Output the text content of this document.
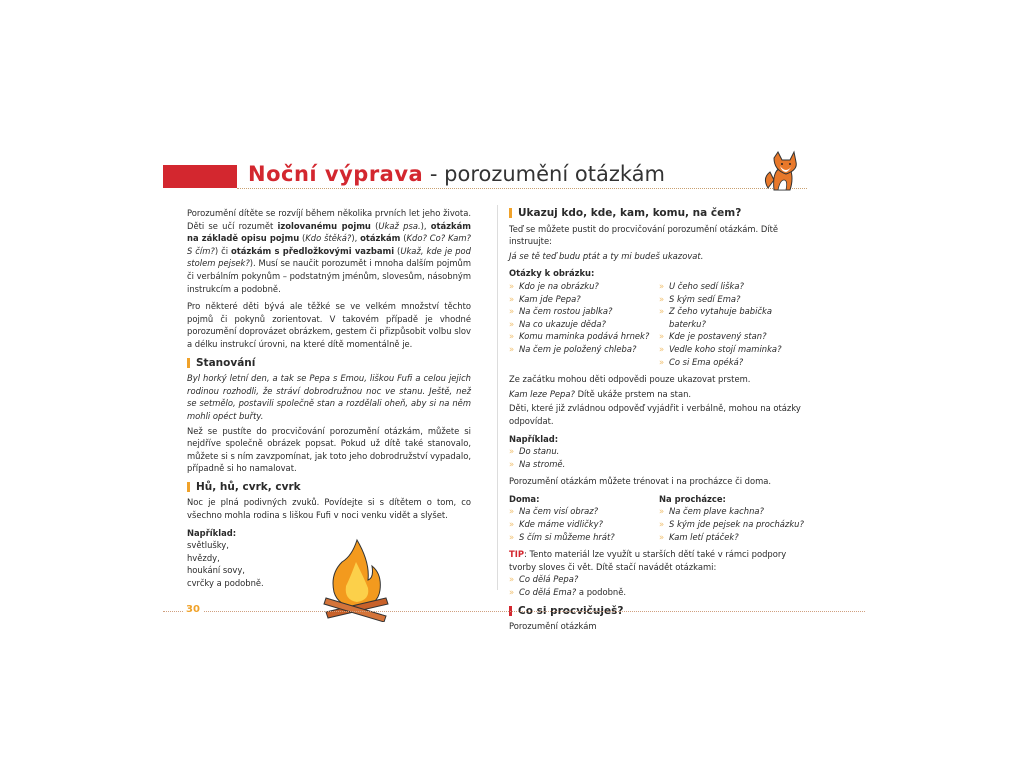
Noční výprava - porozumění otázkám

Porozumění dítěte se rozvíjí během několika prvních let jeho života. Děti se učí rozumět izolovanému pojmu (Ukaž psa.), otázkám na základě opisu pojmu (Kdo štěká?), otázkám (Kdo? Co? Kam? S čím?) či otázkám s předložkovými vazbami (Ukaž, kde je pod stolem pejsek?). Musí se naučit porozumět i mnoha dalším pojmům či verbálním pokynům – podstatným jménům, slovesům, násobným instrukcím a podobně.

Pro některé děti bývá ale těžké se ve velkém množství těchto pojmů či pokynů zorientovat. V takovém případě je vhodné porozumění doprovázet obrázkem, gestem či přizpůsobit volbu slov a délku instrukcí úrovni, na které dítě momentálně je.

Stanování

Byl horký letní den, a tak se Pepa s Emou, liškou Fufi a celou jejich rodinou rozhodli, že stráví dobrodružnou noc ve stanu. Ještě, než se setmělo, postavili společně stan a rozdělali oheň, aby si na něm mohli opéct buřty.

Než se pustíte do procvičování porozumění otázkám, můžete si nejdříve společně obrázek popsat. Pokud už dítě také stanovalo, můžete si s ním zavzpomínat, jak toto jeho dobrodružství vypadalo, případně si ho namalovat.

Hů, hů, cvrk, cvrk

Noc je plná podivných zvuků. Povídejte si s dítětem o tom, co všechno mohla rodina s liškou Fufi v noci venku vidět a slyšet.

Například:
světlušky,
hvězdy,
houkání sovy,
cvrčky a podobně.
Ukazuj kdo, kde, kam, komu, na čem?

Teď se můžete pustit do procvičování porozumění otázkám. Dítě instruujte:

Já se tě teď budu ptát a ty mi budeš ukazovat.

Otázky k obrázku:
» Kdo je na obrázku?
» Kam jde Pepa?
» Na čem rostou jablka?
» Na co ukazuje děda?
» Komu maminka podává hrnek?
» Na čem je položený chleba?
» U čeho sedí liška?
» S kým sedí Ema?
» Z čeho vytahuje babička baterku?
» Kde je postavený stan?
» Vedle koho stojí maminka?
» Co si Ema opéká?

Ze začátku mohou děti odpovědi pouze ukazovat prstem.

Kam leze Pepa? Dítě ukáže prstem na stan.

Děti, které již zvládnou odpověď vyjádřit i verbálně, mohou na otázky odpovídat.

Například:
» Do stanu.
» Na stromě.

Porozumění otázkám můžete trénovat i na procházce či doma.

Doma:
» Na čem visí obraz?
» Kde máme vidličky?
» S čím si můžeme hrát?
Na procházce:
» Na čem plave kachna?
» S kým jde pejsek na procházku?
» Kam letí ptáček?

TIP: Tento materiál lze využít u starších dětí také v rámci podpory tvorby sloves či vět. Dítě stačí navádět otázkami:

» Co dělá Pepa?
» Co dělá Ema? a podobně.
Co si procvičuješ?

Porozumění otázkám

30
